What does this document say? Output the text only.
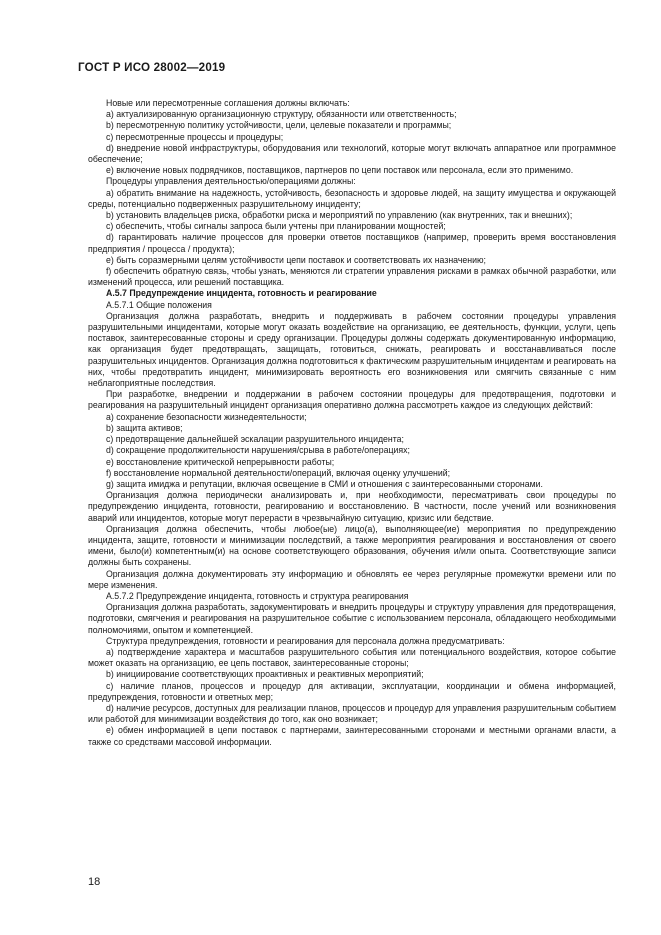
ГОСТ Р ИСО 28002—2019

Новые или пересмотренные соглашения должны включать:

a) актуализированную организационную структуру, обязанности или ответственность;

b) пересмотренную политику устойчивости, цели, целевые показатели и программы;

c) пересмотренные процессы и процедуры;

d) внедрение новой инфраструктуры, оборудования или технологий, которые могут включать аппаратное или программное обеспечение;

e) включение новых подрядчиков, поставщиков, партнеров по цепи поставок или персонала, если это применимо.

Процедуры управления деятельностью/операциями должны:

a) обратить внимание на надежность, устойчивость, безопасность и здоровье людей, на защиту имущества и окружающей среды, потенциально подверженных разрушительному инциденту;

b) установить владельцев риска, обработки риска и мероприятий по управлению (как внутренних, так и внешних);

c) обеспечить, чтобы сигналы запроса были учтены при планировании мощностей;

d) гарантировать наличие процессов для проверки ответов поставщиков (например, проверить время восстановления предприятия / процесса / продукта);

e) быть соразмерными целям устойчивости цепи поставок и соответствовать их назначению;

f) обеспечить обратную связь, чтобы узнать, меняются ли стратегии управления рисками в рамках обычной разработки, или изменений процесса, или решений поставщика.

A.5.7 Предупреждение инцидента, готовность и реагирование

A.5.7.1 Общие положения

Организация должна разработать, внедрить и поддерживать в рабочем состоянии процедуры управления разрушительными инцидентами, которые могут оказать воздействие на организацию, ее деятельность, функции, услуги, цепь поставок, заинтересованные стороны и среду организации. Процедуры должны содержать документированную информацию, как организация будет предотвращать, защищать, готовиться, снижать, реагировать и восстанавливаться после разрушительных инцидентов. Организация должна подготовиться к фактическим разрушительным инцидентам и реагировать на них, чтобы предотвратить инцидент, минимизировать вероятность его возникновения или смягчить связанные с ним неблагоприятные последствия.

При разработке, внедрении и поддержании в рабочем состоянии процедуры для предотвращения, подготовки и реагирования на разрушительный инцидент организация оперативно должна рассмотреть каждое из следующих действий:

a) сохранение безопасности жизнедеятельности;

b) защита активов;

c) предотвращение дальнейшей эскалации разрушительного инцидента;

d) сокращение продолжительности нарушения/срыва в работе/операциях;

e) восстановление критической непрерывности работы;

f) восстановление нормальной деятельности/операций, включая оценку улучшений;

g) защита имиджа и репутации, включая освещение в СМИ и отношения с заинтересованными сторонами.

Организация должна периодически анализировать и, при необходимости, пересматривать свои процедуры по предупреждению инцидента, готовности, реагированию и восстановлению. В частности, после учений или возникновения аварий или инцидентов, которые могут перерасти в чрезвычайную ситуацию, кризис или бедствие.

Организация должна обеспечить, чтобы любое(ые) лицо(а), выполняющее(ие) мероприятия по предупреждению инцидента, защите, готовности и минимизации последствий, а также мероприятия реагирования и восстановления от своего имени, было(и) компетентным(и) на основе соответствующего образования, обучения и/или опыта. Соответствующие записи должны быть сохранены.

Организация должна документировать эту информацию и обновлять ее через регулярные промежутки времени или по мере изменения.

A.5.7.2 Предупреждение инцидента, готовность и структура реагирования

Организация должна разработать, задокументировать и внедрить процедуры и структуру управления для предотвращения, подготовки, смягчения и реагирования на разрушительное событие с использованием персонала, обладающего необходимыми полномочиями, опытом и компетенцией.

Структура предупреждения, готовности и реагирования для персонала должна предусматривать:

a) подтверждение характера и масштабов разрушительного события или потенциального воздействия, которое событие может оказать на организацию, ее цепь поставок, заинтересованные стороны;

b) инициирование соответствующих проактивных и реактивных мероприятий;

c) наличие планов, процессов и процедур для активации, эксплуатации, координации и обмена информацией, предупреждения, готовности и ответных мер;

d) наличие ресурсов, доступных для реализации планов, процессов и процедур для управления разрушительным событием или работой для минимизации воздействия до того, как оно возникает;

e) обмен информацией в цепи поставок с партнерами, заинтересованными сторонами и местными органами власти, а также со средствами массовой информации.

18
